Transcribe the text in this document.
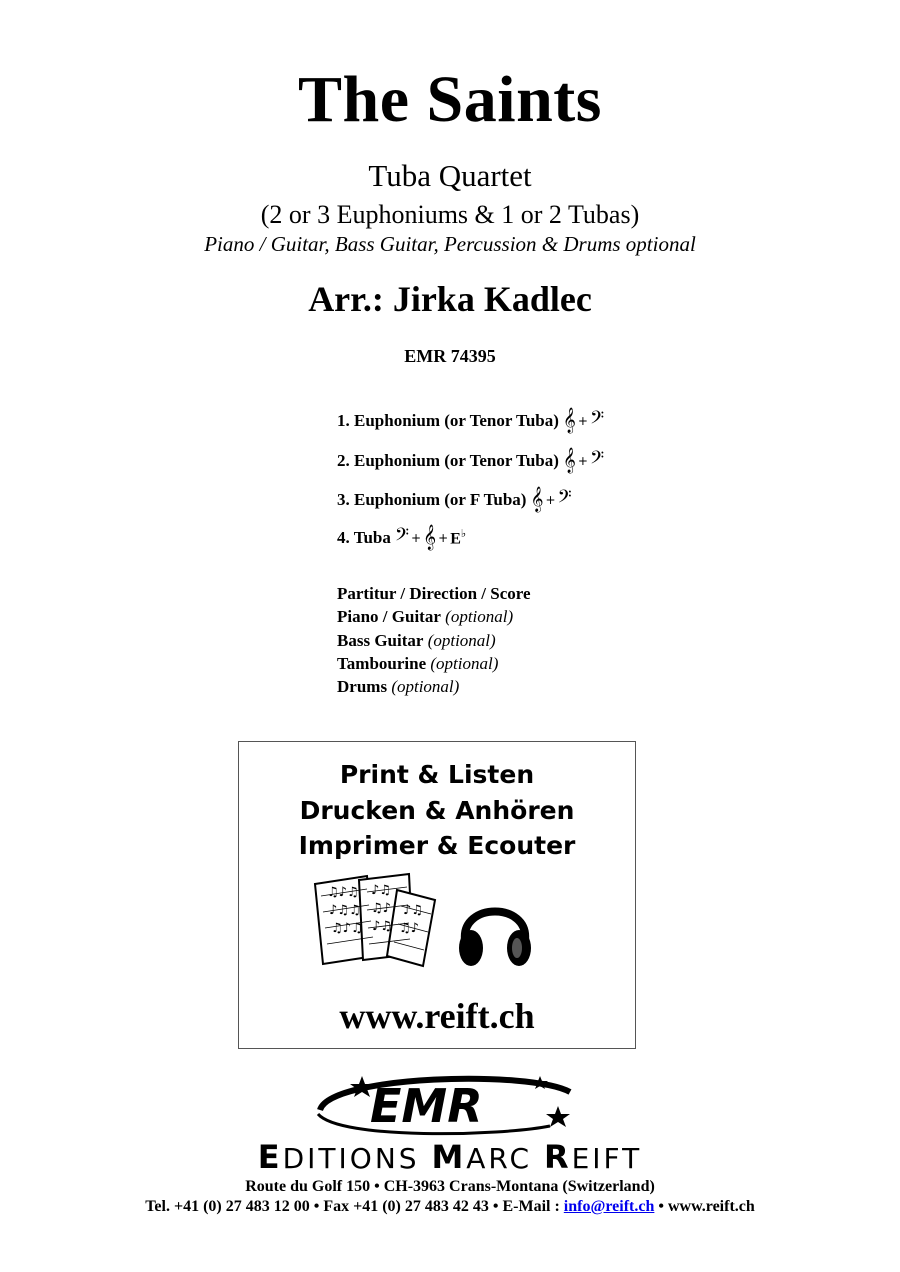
The Saints
Tuba Quartet
(2 or 3 Euphoniums & 1 or 2 Tubas)
Piano / Guitar, Bass Guitar, Percussion & Drums optional
Arr.: Jirka Kadlec
EMR 74395
1. Euphonium (or Tenor Tuba) 𝄞 + 𝄢
2. Euphonium (or Tenor Tuba) 𝄞 + 𝄢
3. Euphonium (or F Tuba) 𝄞 + 𝄢
4. Tuba 𝄢 + 𝄞 + E♭
Partitur / Direction / Score
Piano / Guitar (optional)
Bass Guitar (optional)
Tambourine (optional)
Drums (optional)
Print & Listen
Drucken & Anhören
Imprimer & Ecouter
♫♪♫
♪♫♫
♫♪♫
♪♫
♫♪
♪♫
♪♫
♫♪
www.reift.ch
EMR
EDITIONS MARC REIFT
Route du Golf 150 • CH-3963 Crans-Montana (Switzerland)
Tel. +41 (0) 27 483 12 00 • Fax +41 (0) 27 483 42 43 • E-Mail : info@reift.ch • www.reift.ch
